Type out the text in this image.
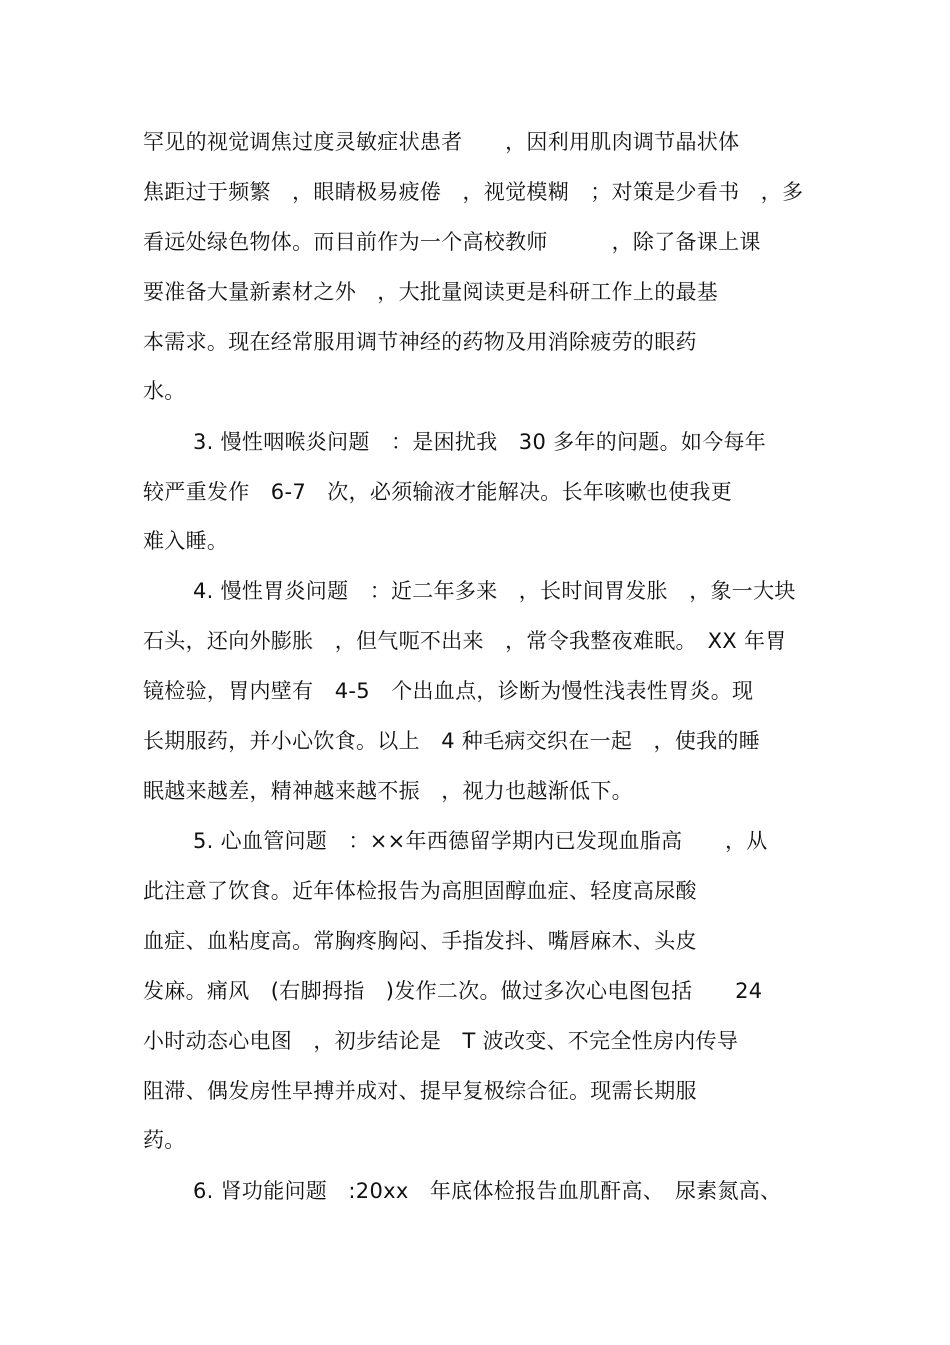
罕见的视觉调焦过度灵敏症状患者　　，因利用肌肉调节晶状体
焦距过于频繁　，眼睛极易疲倦　，视觉模糊　；对策是少看书　，多
看远处绿色物体。而目前作为一个高校教师　　　，除了备课上课
要准备大量新素材之外　，大批量阅读更是科研工作上的最基
本需求。现在经常服用调节神经的药物及用消除疲劳的眼药
水。
3. 慢性咽喉炎问题　：是困扰我　30 多年的问题。如今每年
较严重发作　6-7　次，必须输液才能解决。长年咳嗽也使我更
难入睡。
4. 慢性胃炎问题　：近二年多来　，长时间胃发胀　，象一大块
石头，还向外膨胀　，但气呃不出来　，常令我整夜难眠。　XX 年胃
镜检验，胃内壁有　4-5　个出血点，诊断为慢性浅表性胃炎。现
长期服药，并小心饮食。以上　4 种毛病交织在一起　，使我的睡
眠越来越差，精神越来越不振　，视力也越渐低下。
5. 心血管问题　：××年西德留学期内已发现血脂高　　，从
此注意了饮食。近年体检报告为高胆固醇血症、轻度高尿酸
血症、血粘度高。常胸疼胸闷、手指发抖、嘴唇麻木、头皮
发麻。痛风　(右脚拇指　)发作二次。做过多次心电图包括　　24
小时动态心电图　，初步结论是　T 波改变、不完全性房内传导
阻滞、偶发房性早搏并成对、提早复极综合征。现需长期服
药。
6. 肾功能问题　:20xx　年底体检报告血肌酐高、　尿素氮高、
